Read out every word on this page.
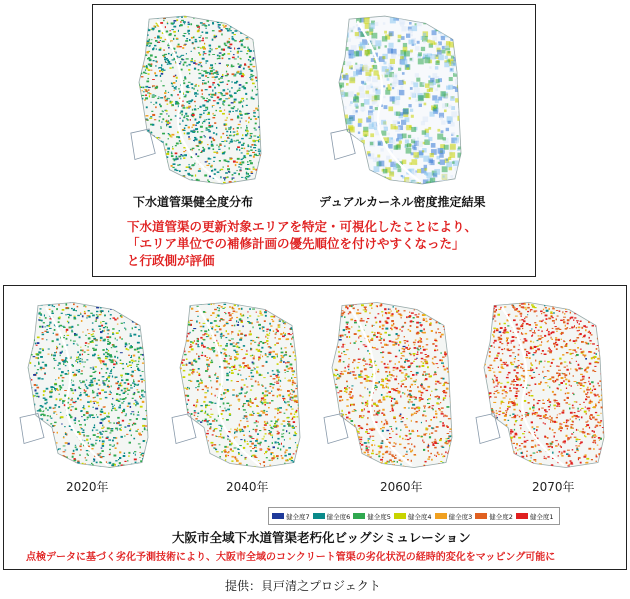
下水道管渠健全度分布	デュアルカーネル密度推定結果
下水道管渠の更新対象エリアを特定・可視化したことにより、
「エリア単位での補修計画の優先順位を付けやすくなった」
と行政側が評価
2020年	2040年	2060年	2070年
健全度7	健全度6	健全度5	健全度4	健全度3	健全度2	健全度1
大阪市全域下水道管渠老朽化ビッグシミュレーション
点検データに基づく劣化予測技術により、大阪市全域のコンクリート管渠の劣化状況の経時的変化をマッピング可能に
提供：貝戸清之プロジェクト
